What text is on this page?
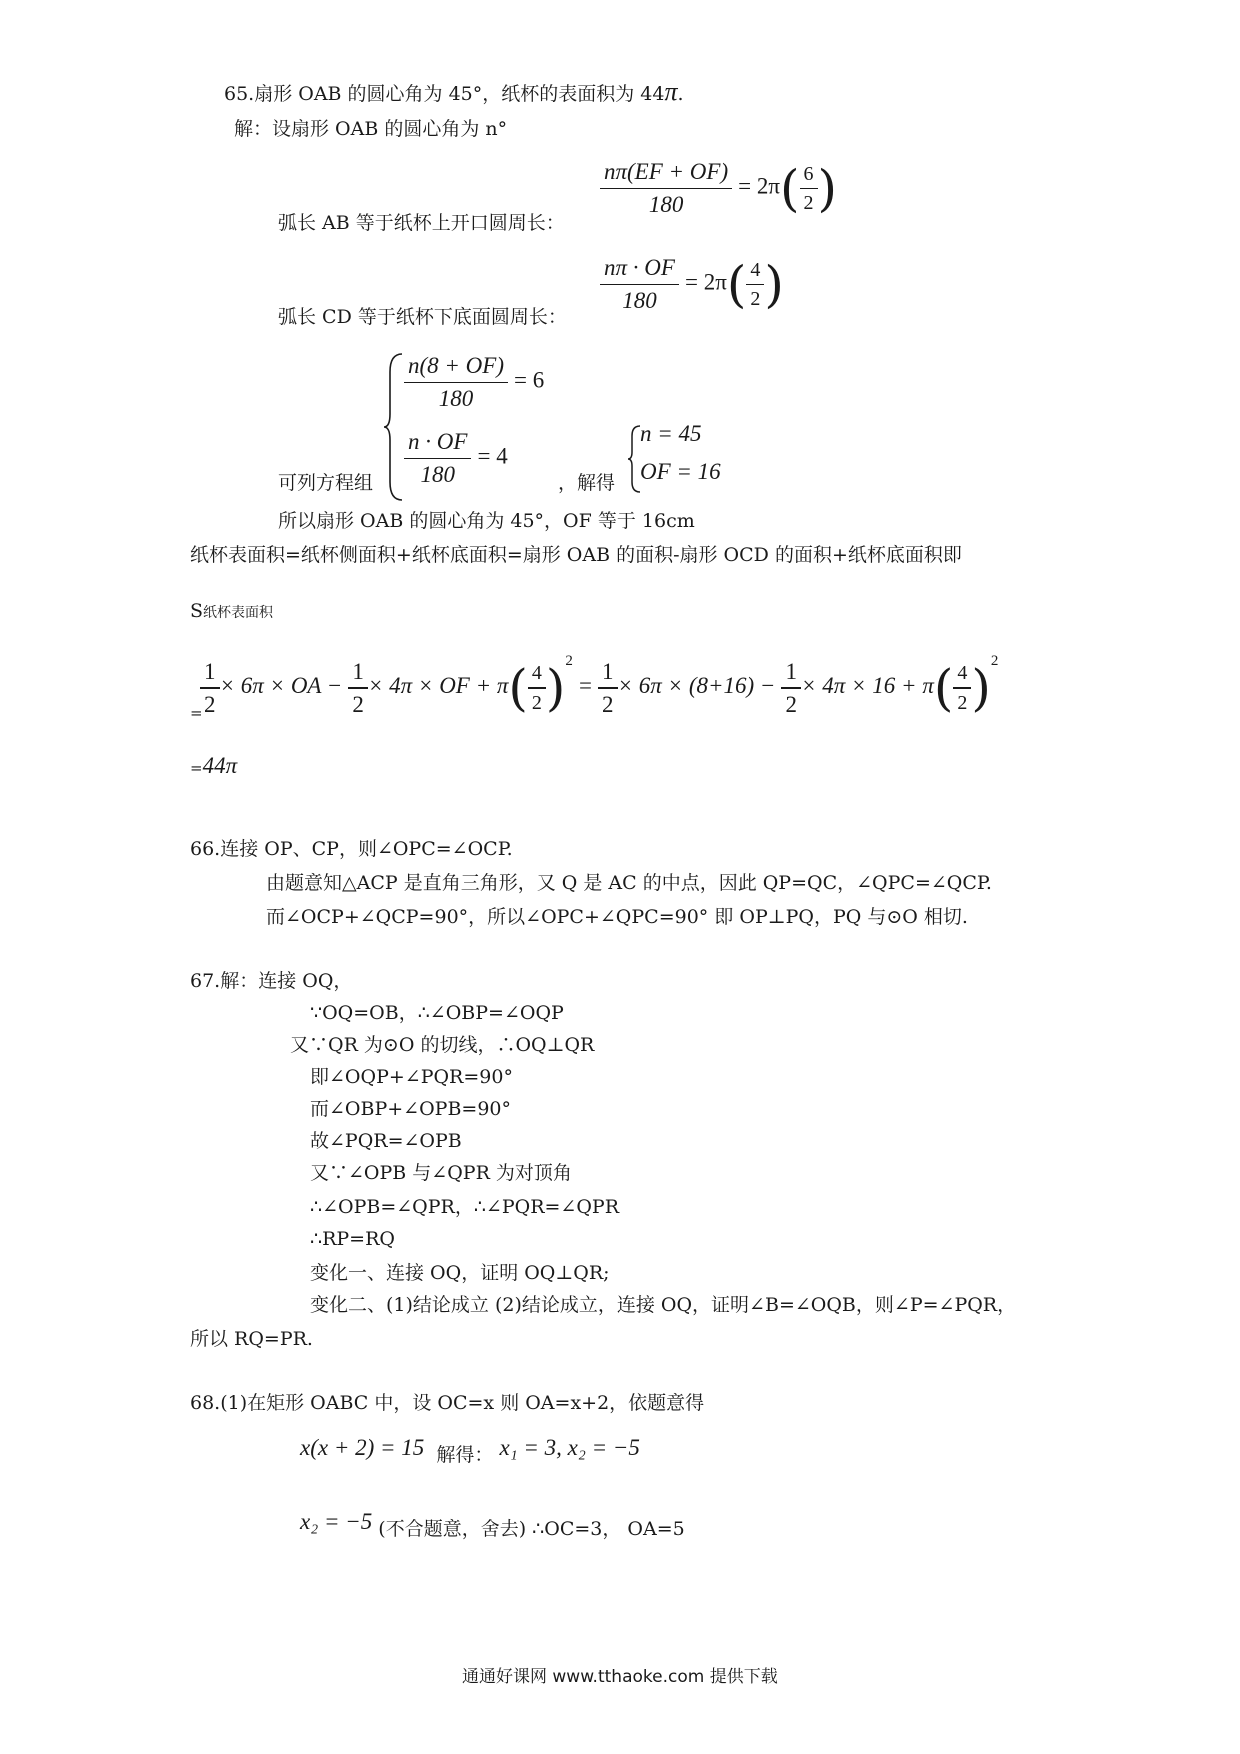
65.扇形 OAB 的圆心角为 45°，纸杯的表面积为 44π.
解：设扇形 OAB 的圆心角为 n°
弧长 AB 等于纸杯上开口圆周长：
$\frac{n\pi(EF + OF)}{180} = 2\pi( \frac{6}{2}$ )
弧长 CD 等于纸杯下底面圆周长：
$\frac{n\pi \cdot OF}{180} = 2\pi( \frac{4}{2}$ )
可列方程组
$\frac{n(8 + OF)}{180} = 6$
$\frac{n \cdot OF}{180} = 4$
，解得
n = 45
OF = 16
所以扇形 OAB 的圆心角为 45°，OF 等于 16cm
纸杯表面积=纸杯侧面积+纸杯底面积=扇形 OAB 的面积-扇形 OCD 的面积+纸杯底面积即
S纸杯表面积
=
$\frac{1}{2} \times 6\pi$ × OA − $\frac{1}{2} \times 4\pi$ × OF + $\pi( \frac{4}{2} )^2 = \frac{1}{2} \times 6\pi \times (8+16) - \frac{1}{2} \times 4\pi \times 16 + \pi( \frac{4}{2} )^2$
=44π
66.连接 OP、CP，则∠OPC=∠OCP.
由题意知△ACP 是直角三角形，又 Q 是 AC 的中点，因此 QP=QC，∠QPC=∠QCP.
而∠OCP+∠QCP=90°，所以∠OPC+∠QPC=90° 即 OP⊥PQ，PQ 与⊙O 相切.
67.解：连接 OQ，
∵OQ=OB，∴∠OBP=∠OQP
又∵QR 为⊙O 的切线，∴OQ⊥QR
即∠OQP+∠PQR=90°
而∠OBP+∠OPB=90°
故∠PQR=∠OPB
又∵∠OPB 与∠QPR 为对顶角
∴∠OPB=∠QPR，∴∠PQR=∠QPR
∴RP=RQ
变化一、连接 OQ，证明 OQ⊥QR;
变化二、(1)结论成立 (2)结论成立，连接 OQ，证明∠B=∠OQB，则∠P=∠PQR，
所以 RQ=PR.
68.(1)在矩形 OABC 中，设 OC=x 则 OA=x+2，依题意得
x(x + 2) = 15 解得： x₁ = 3, x₂ = −5
x₂ = −5 (不合题意，舍去) ∴OC=3， OA=5
通通好课网 www.tthaoke.com 提供下载
